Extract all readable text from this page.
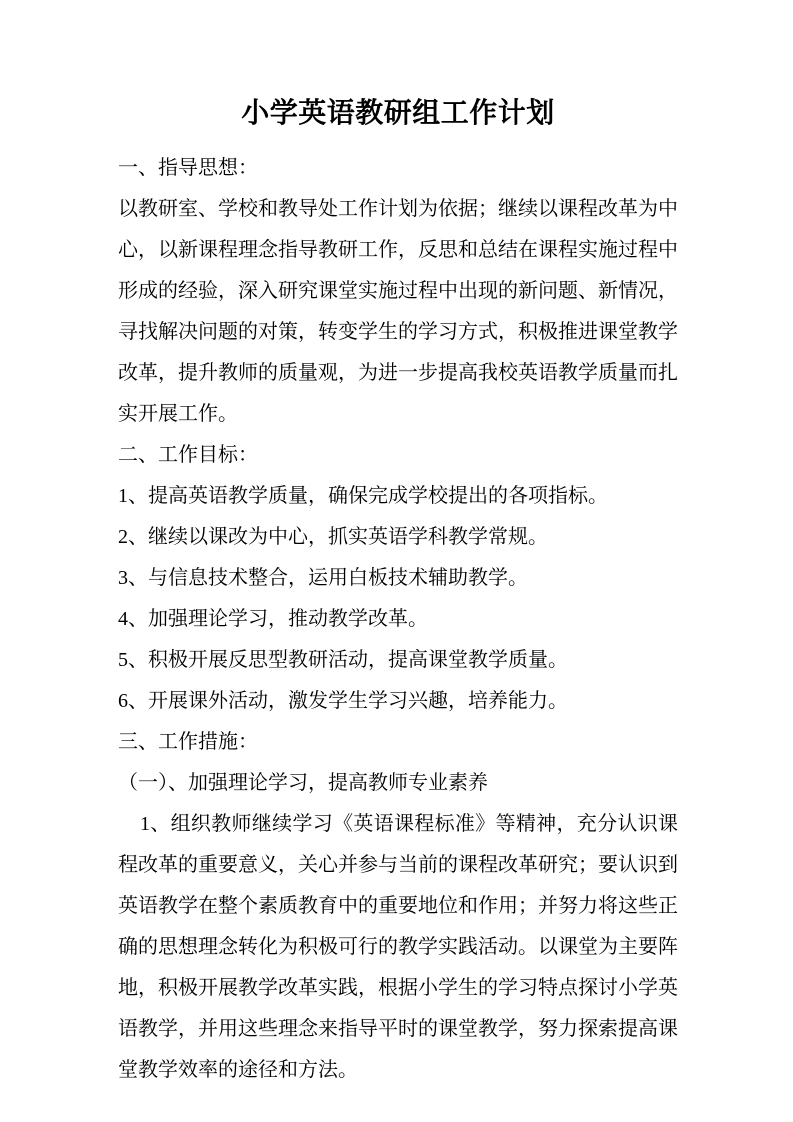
小学英语教研组工作计划

一、指导思想：

以教研室、学校和教导处工作计划为依据；继续以课程改革为中心，以新课程理念指导教研工作，反思和总结在课程实施过程中形成的经验，深入研究课堂实施过程中出现的新问题、新情况，寻找解决问题的对策，转变学生的学习方式，积极推进课堂教学改革，提升教师的质量观，为进一步提高我校英语教学质量而扎实开展工作。

二、工作目标：

1、提高英语教学质量，确保完成学校提出的各项指标。

2、继续以课改为中心，抓实英语学科教学常规。

3、与信息技术整合，运用白板技术辅助教学。

4、加强理论学习，推动教学改革。

5、积极开展反思型教研活动，提高课堂教学质量。

6、开展课外活动，激发学生学习兴趣，培养能力。

三、工作措施：

（一）、加强理论学习，提高教师专业素养

1、组织教师继续学习《英语课程标准》等精神，充分认识课程改革的重要意义，关心并参与当前的课程改革研究；要认识到英语教学在整个素质教育中的重要地位和作用；并努力将这些正确的思想理念转化为积极可行的教学实践活动。以课堂为主要阵地，积极开展教学改革实践，根据小学生的学习特点探讨小学英语教学，并用这些理念来指导平时的课堂教学，努力探索提高课堂教学效率的途径和方法。
